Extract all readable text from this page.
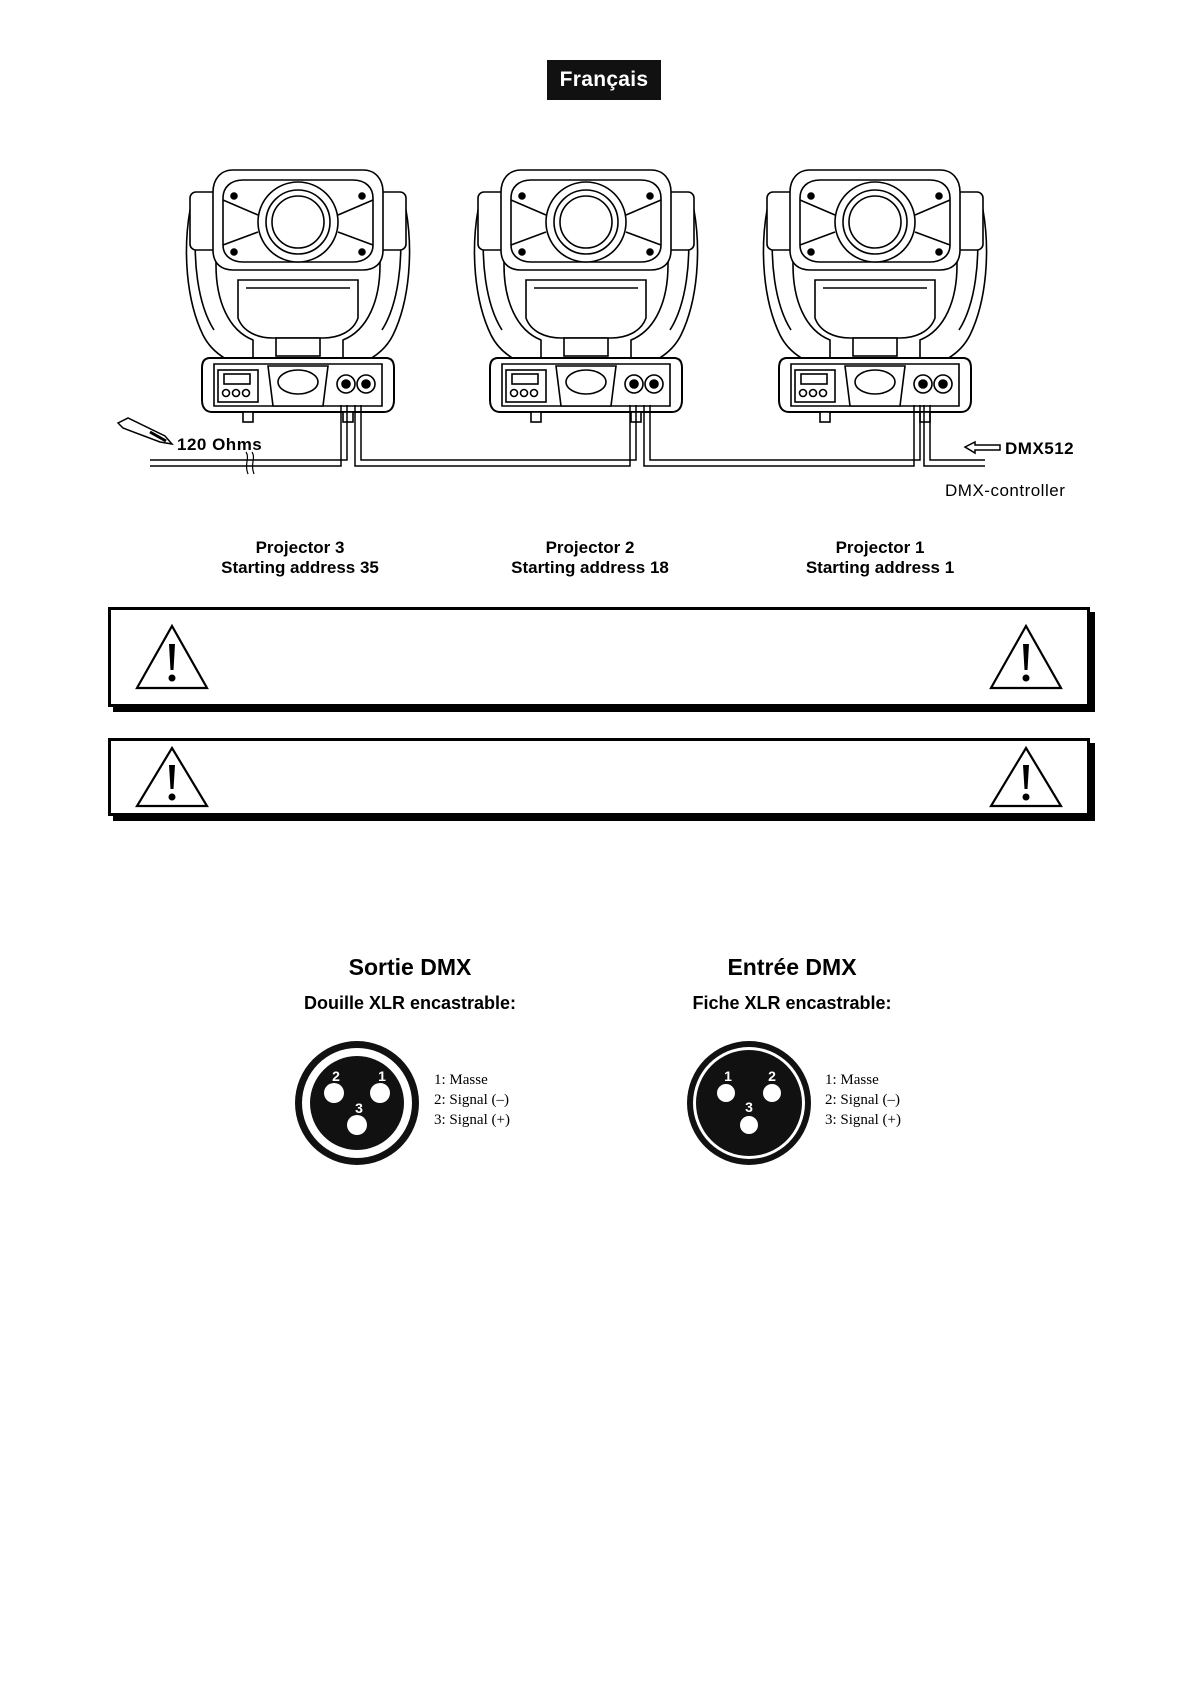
Français
120 Ohms	DMX512
DMX-controller
Projector 3
Starting address 35
Projector 2
Starting address 18
Projector 1
Starting address 1
Sortie DMX
Douille XLR encastrable:
2	1
3
1: Masse
2: Signal (–)
3: Signal (+)
Entrée DMX
Fiche XLR encastrable:
1	2
3
1: Masse
2: Signal (–)
3: Signal (+)
